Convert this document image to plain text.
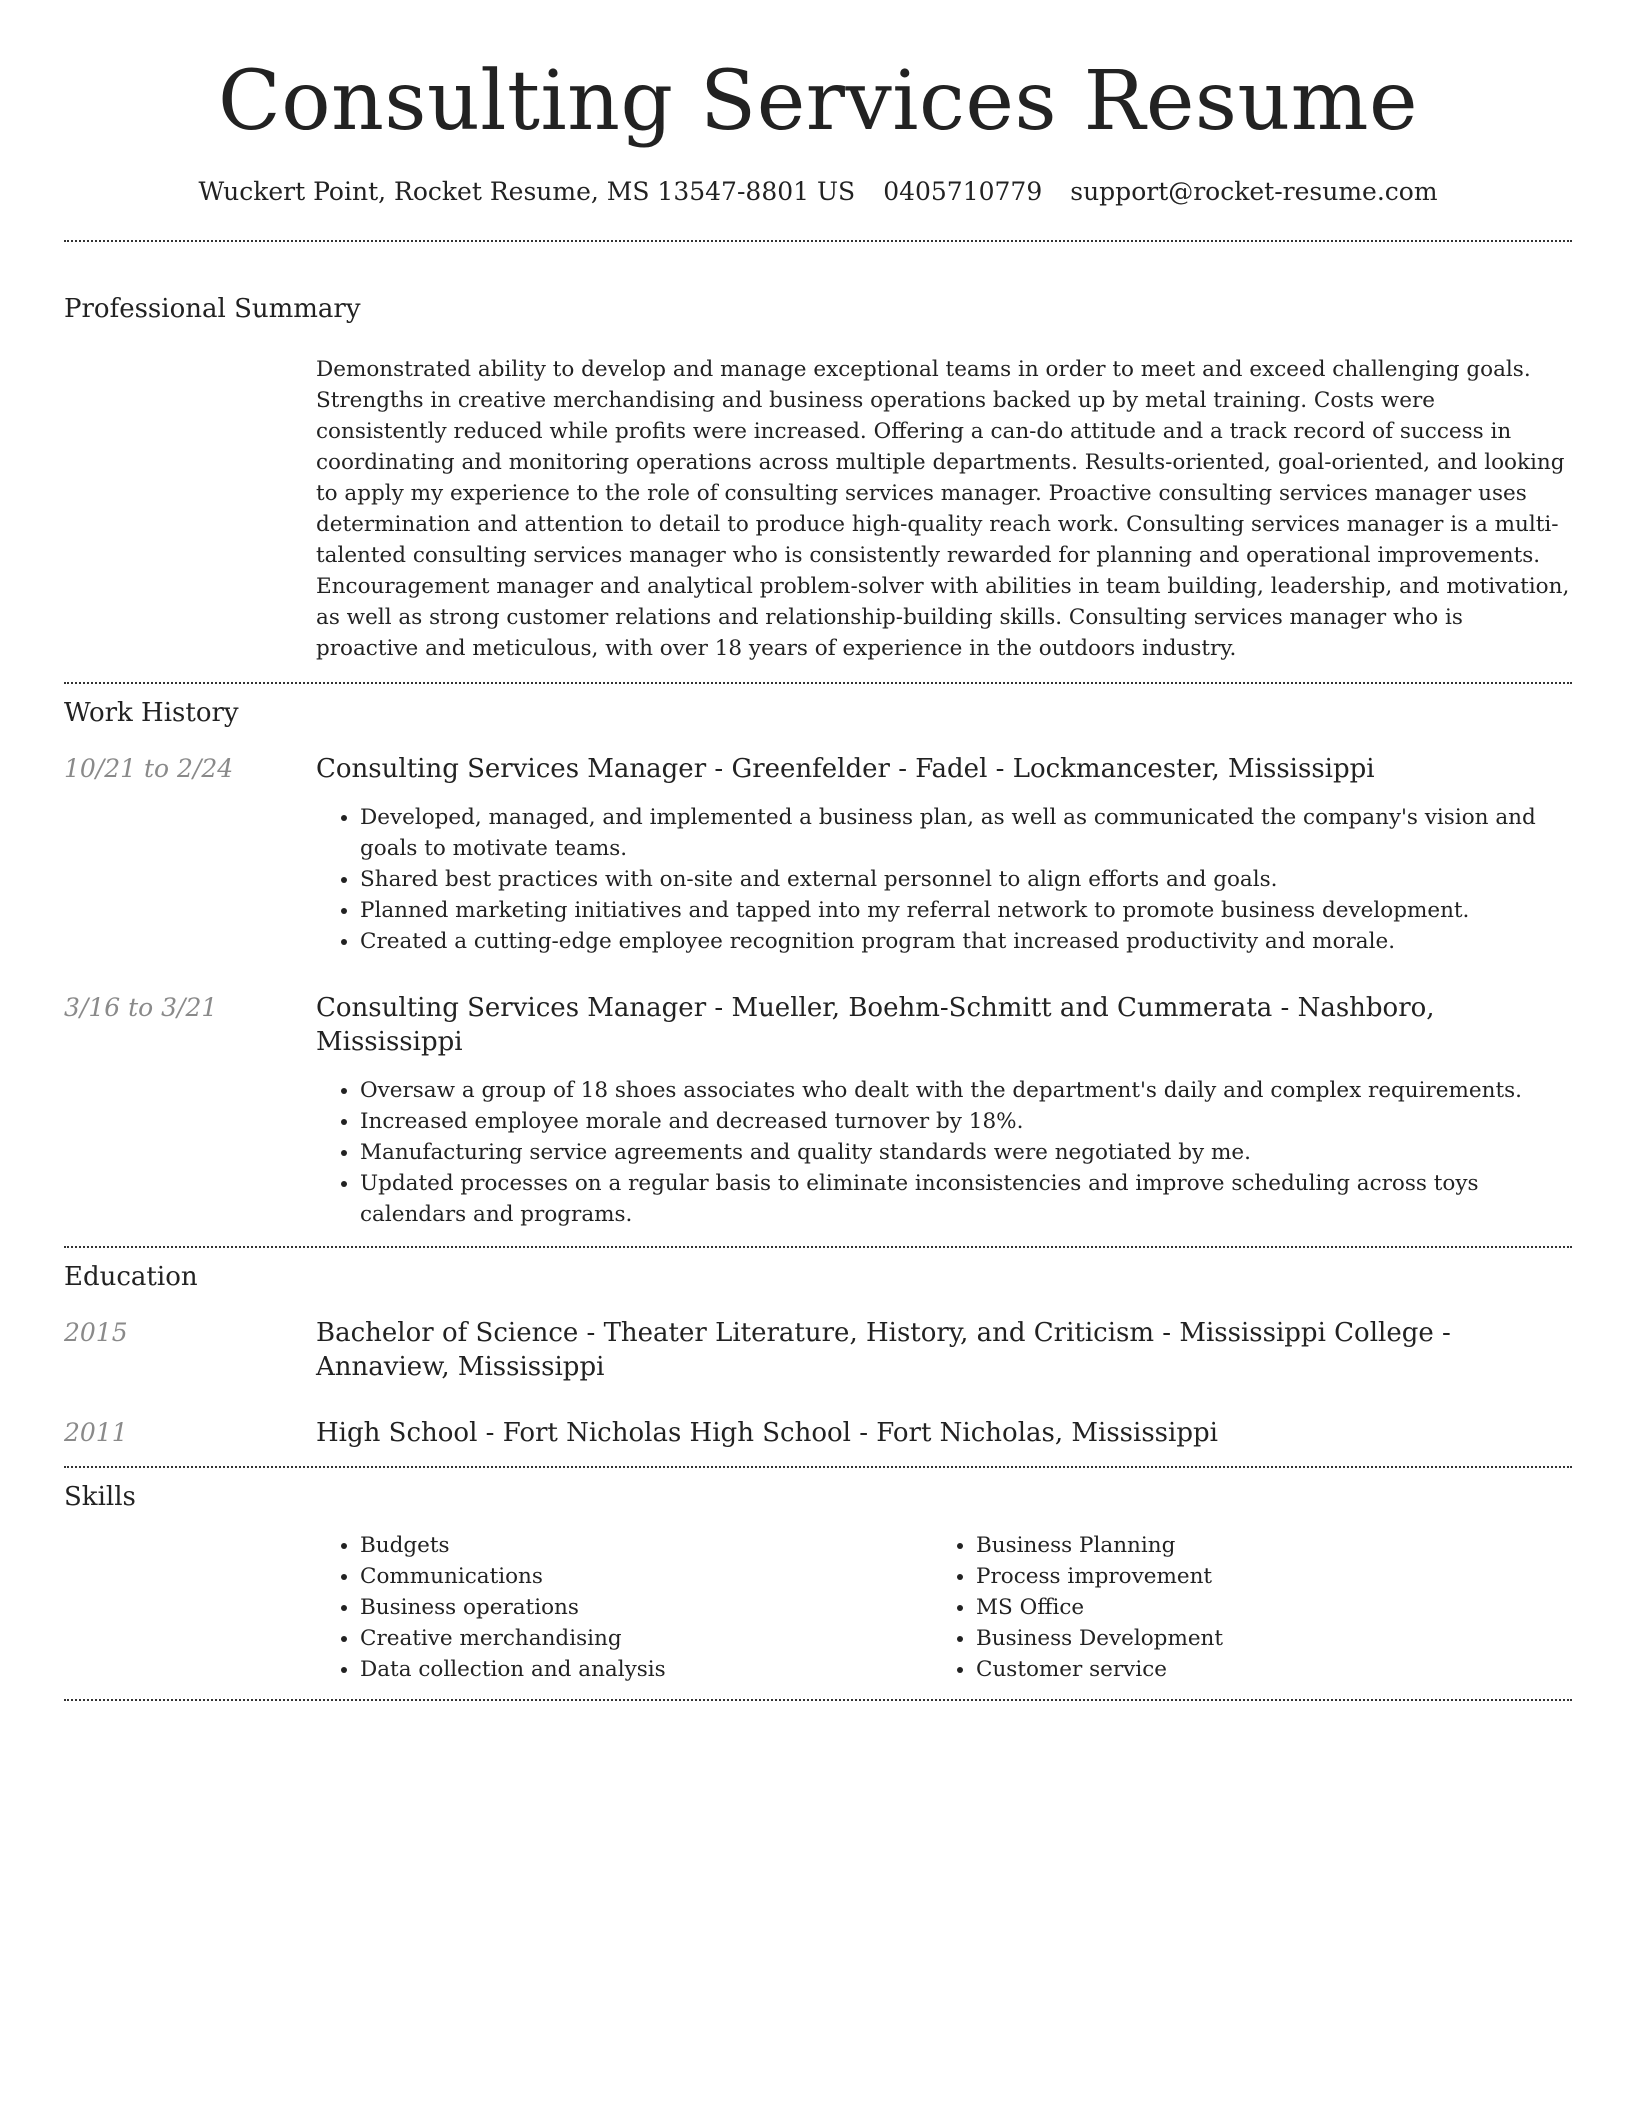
Consulting Services Resume
Wuckert Point, Rocket Resume, MS 13547-8801 US 0405710779 support@rocket-resume.com
Professional Summary
Demonstrated ability to develop and manage exceptional teams in order to meet and exceed challenging goals. Strengths in creative merchandising and business operations backed up by metal training. Costs were consistently reduced while profits were increased. Offering a can-do attitude and a track record of success in coordinating and monitoring operations across multiple departments. Results-oriented, goal-oriented, and looking to apply my experience to the role of consulting services manager. Proactive consulting services manager uses determination and attention to detail to produce high-quality reach work. Consulting services manager is a multi-talented consulting services manager who is consistently rewarded for planning and operational improvements. Encouragement manager and analytical problem-solver with abilities in team building, leadership, and motivation, as well as strong customer relations and relationship-building skills. Consulting services manager who is proactive and meticulous, with over 18 years of experience in the outdoors industry.
Work History
10/21 to 2/24	Consulting Services Manager - Greenfelder - Fadel - Lockmancester, Mississippi
• Developed, managed, and implemented a business plan, as well as communicated the company's vision and goals to motivate teams.
• Shared best practices with on-site and external personnel to align efforts and goals.
• Planned marketing initiatives and tapped into my referral network to promote business development.
• Created a cutting-edge employee recognition program that increased productivity and morale.
3/16 to 3/21	Consulting Services Manager - Mueller, Boehm-Schmitt and Cummerata - Nashboro, Mississippi
• Oversaw a group of 18 shoes associates who dealt with the department's daily and complex requirements.
• Increased employee morale and decreased turnover by 18%.
• Manufacturing service agreements and quality standards were negotiated by me.
• Updated processes on a regular basis to eliminate inconsistencies and improve scheduling across toys calendars and programs.
Education
2015	Bachelor of Science - Theater Literature, History, and Criticism - Mississippi College - Annaview, Mississippi
2011	High School - Fort Nicholas High School - Fort Nicholas, Mississippi
Skills
• Budgets
• Communications
• Business operations
• Creative merchandising
• Data collection and analysis
• Business Planning
• Process improvement
• MS Office
• Business Development
• Customer service
